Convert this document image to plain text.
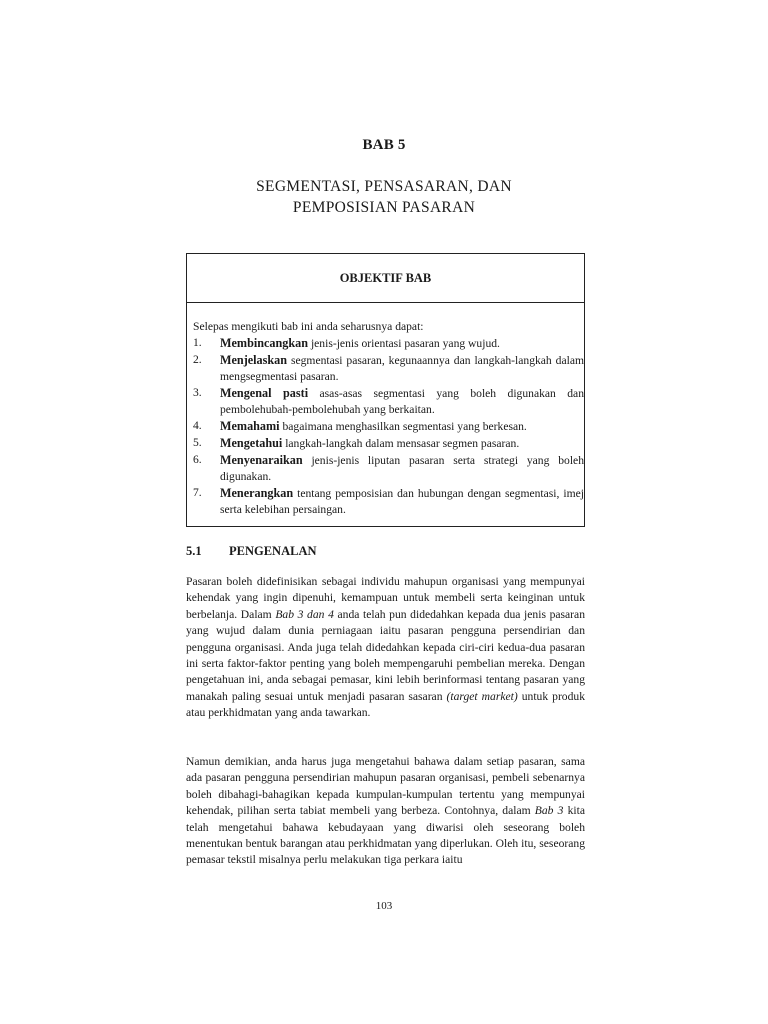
BAB 5
SEGMENTASI, PENSASARAN, DAN
PEMPOSISIAN PASARAN
OBJEKTIF BAB
Selepas mengikuti bab ini anda seharusnya dapat:
1.	Membincangkan jenis-jenis orientasi pasaran yang wujud.
2.	Menjelaskan segmentasi pasaran, kegunaannya dan langkah-langkah dalam mengsegmentasi pasaran.
3.	Mengenal pasti asas-asas segmentasi yang boleh digunakan dan pembolehubah-pembolehubah yang berkaitan.
4.	Memahami bagaimana menghasilkan segmentasi yang berkesan.
5.	Mengetahui langkah-langkah dalam mensasar segmen pasaran.
6.	Menyenaraikan jenis-jenis liputan pasaran serta strategi yang boleh digunakan.
7.	Menerangkan tentang pemposisian dan hubungan dengan segmentasi, imej serta kelebihan persaingan.
5.1 PENGENALAN

Pasaran boleh didefinisikan sebagai individu mahupun organisasi yang mempunyai kehendak yang ingin dipenuhi, kemampuan untuk membeli serta keinginan untuk berbelanja. Dalam Bab 3 dan 4 anda telah pun didedahkan kepada dua jenis pasaran yang wujud dalam dunia perniagaan iaitu pasaran pengguna persendirian dan pengguna organisasi. Anda juga telah didedahkan kepada ciri-ciri kedua-dua pasaran ini serta faktor-faktor penting yang boleh mempengaruhi pembelian mereka. Dengan pengetahuan ini, anda sebagai pemasar, kini lebih berinformasi tentang pasaran yang manakah paling sesuai untuk menjadi pasaran sasaran (target market) untuk produk atau perkhidmatan yang anda tawarkan.

Namun demikian, anda harus juga mengetahui bahawa dalam setiap pasaran, sama ada pasaran pengguna persendirian mahupun pasaran organisasi, pembeli sebenarnya boleh dibahagi-bahagikan kepada kumpulan-kumpulan tertentu yang mempunyai kehendak, pilihan serta tabiat membeli yang berbeza. Contohnya, dalam Bab 3 kita telah mengetahui bahawa kebudayaan yang diwarisi oleh seseorang boleh menentukan bentuk barangan atau perkhidmatan yang diperlukan. Oleh itu, seseorang pemasar tekstil misalnya perlu melakukan tiga perkara iaitu

103
